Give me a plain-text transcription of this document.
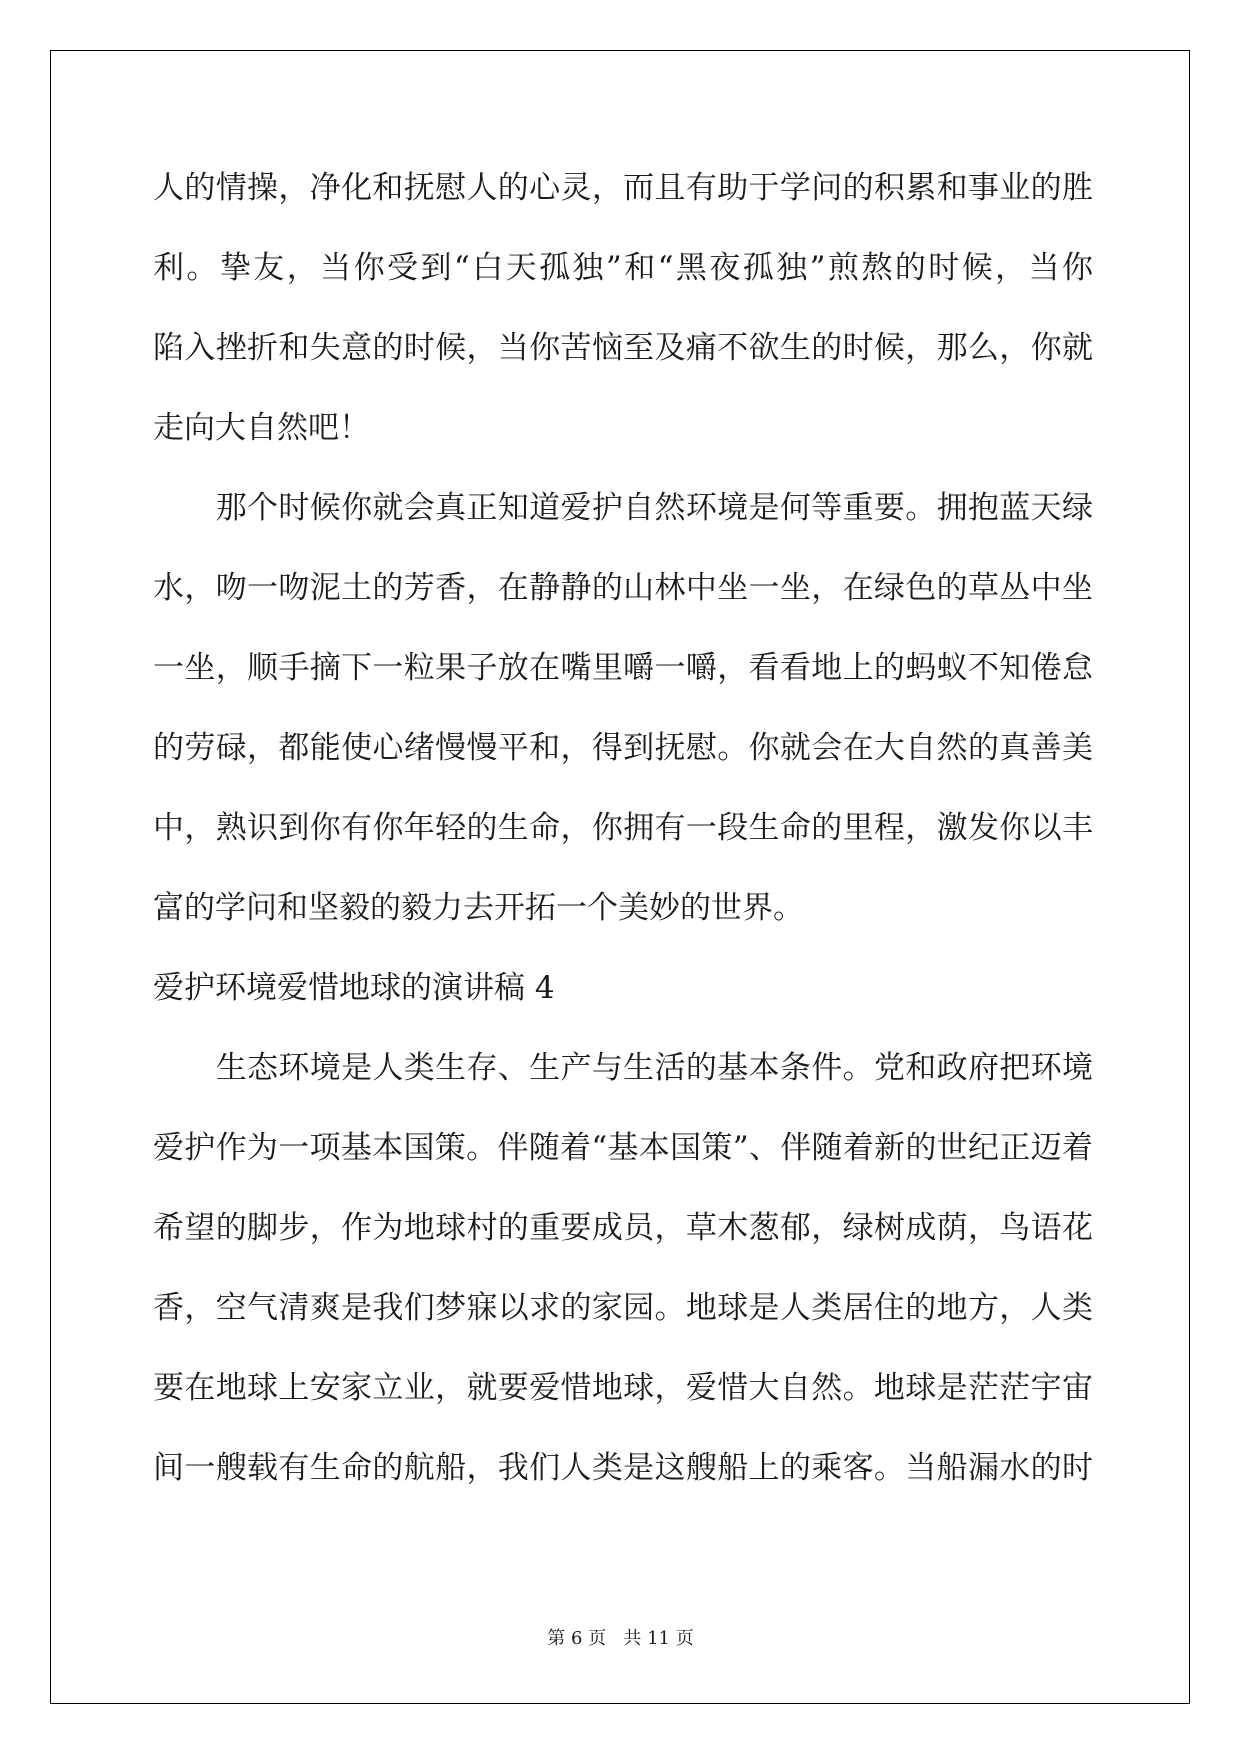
人的情操，净化和抚慰人的心灵，而且有助于学问的积累和事业的胜
利。挚友，当你受到“白天孤独”和“黑夜孤独”煎熬的时候，当你
陷入挫折和失意的时候，当你苦恼至及痛不欲生的时候，那么，你就
走向大自然吧！
　　那个时候你就会真正知道爱护自然环境是何等重要。拥抱蓝天绿
水，吻一吻泥土的芳香，在静静的山林中坐一坐，在绿色的草丛中坐
一坐，顺手摘下一粒果子放在嘴里嚼一嚼，看看地上的蚂蚁不知倦怠
的劳碌，都能使心绪慢慢平和，得到抚慰。你就会在大自然的真善美
中，熟识到你有你年轻的生命，你拥有一段生命的里程，激发你以丰
富的学问和坚毅的毅力去开拓一个美妙的世界。
爱护环境爱惜地球的演讲稿 4
　　生态环境是人类生存、生产与生活的基本条件。党和政府把环境
爱护作为一项基本国策。伴随着“基本国策”、伴随着新的世纪正迈着
希望的脚步，作为地球村的重要成员，草木葱郁，绿树成荫，鸟语花
香，空气清爽是我们梦寐以求的家园。地球是人类居住的地方，人类
要在地球上安家立业，就要爱惜地球，爱惜大自然。地球是茫茫宇宙
间一艘载有生命的航船，我们人类是这艘船上的乘客。当船漏水的时
第 6 页   共 11 页
